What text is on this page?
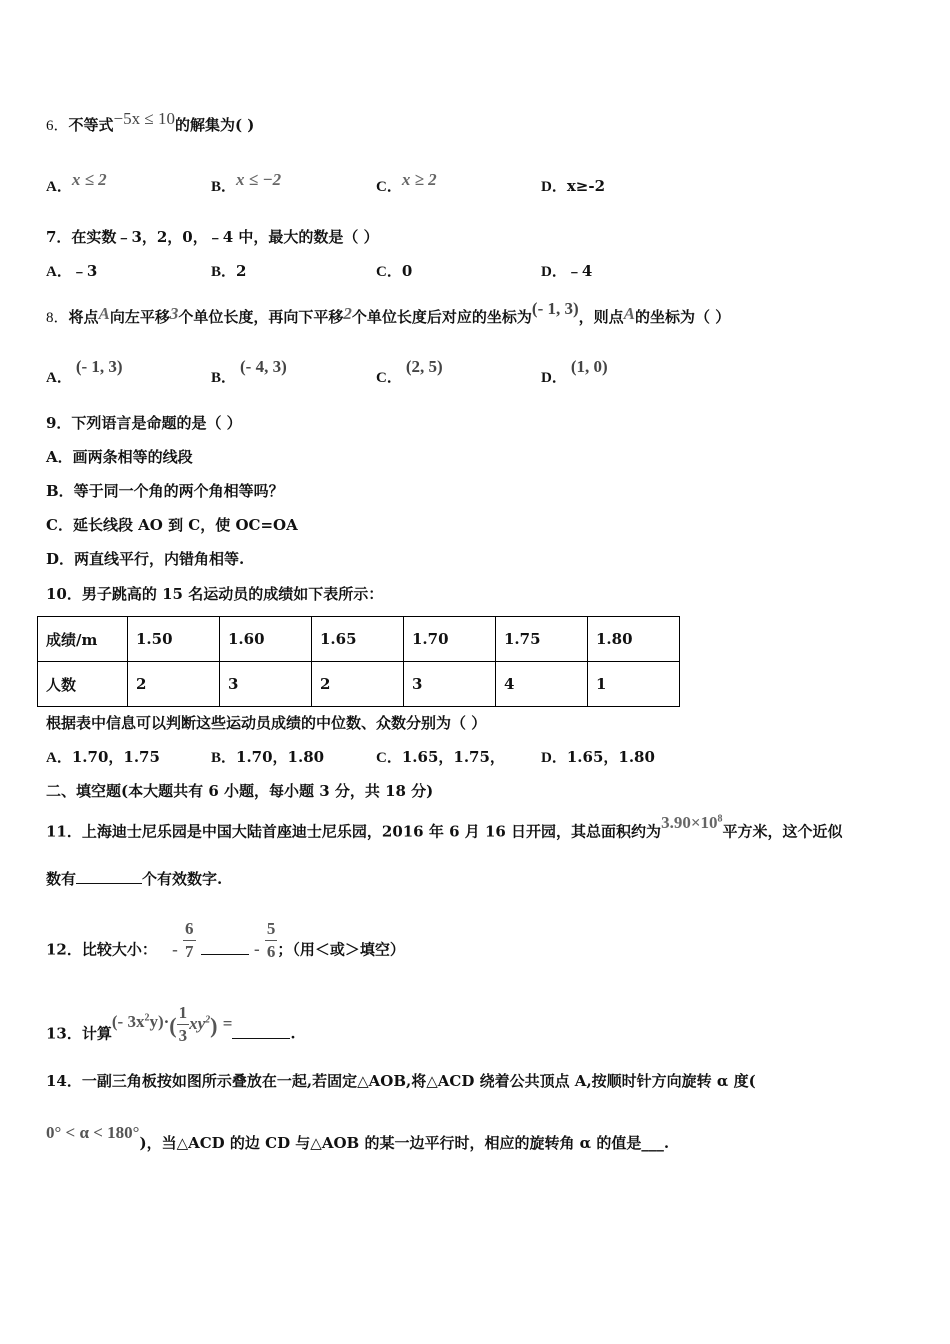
6．不等式−5x ≤ 10的解集为( )
A．x ≤ 2	B．x ≤ −2	C．x ≥ 2	D．x≥-2
7．在实数﹣3，2，0，﹣4 中，最大的数是（ ）
A．﹣3	B．2	C．0	D．﹣4
8．将点A向左平移3个单位长度，再向下平移2个单位长度后对应的坐标为(- 1, 3)，则点A的坐标为（ ）
A．(- 1, 3)
B．(- 4, 3)
C．(2, 5)
D．(1, 0)
9．下列语言是命题的是（ ）
A．画两条相等的线段
B．等于同一个角的两个角相等吗？
C．延长线段 AO 到 C，使 OC=OA
D．两直线平行，内错角相等.
10．男子跳高的 15 名运动员的成绩如下表所示：
成绩/m	1.50	1.60	1.65	1.70	1.75	1.80
人数	2	3	2	3	4	1
根据表中信息可以判断这些运动员成绩的中位数、众数分别为（ ）
A．1.70，1.75	B．1.70，1.80	C．1.65，1.75， D．1.65，1.80
二、填空题(本大题共有 6 小题，每小题 3 分，共 18 分)
11．上海迪士尼乐园是中国大陆首座迪士尼乐园，2016 年 6 月 16 日开园，其总面积约为$3.90\times 10^8$平方米，这个近似
数有	个有效数字.
12．比较大小： - $\frac{6}{7}$	- $\frac{5}{6}$ ；（用＜或＞填空）
13．计算(- $3x^2y)\cdot( \frac{1}{3} xy^2)$ =.
14．一副三角板按如图所示叠放在一起,若固定△AOB,将△ACD 绕着公共顶点 A,按顺时针方向旋转 α 度(
0° < α < 180°)，当△ACD 的边 CD 与△AOB 的某一边平行时，相应的旋转角 α 的值是___.
